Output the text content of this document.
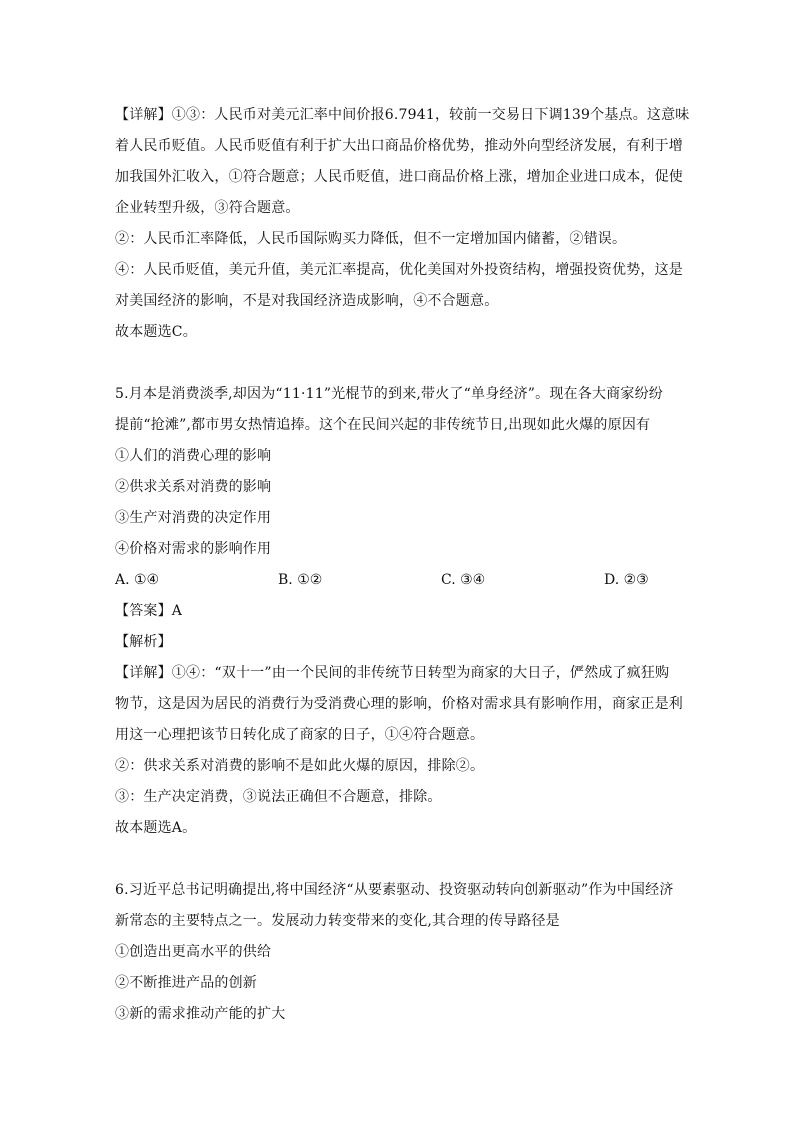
【详解】①③：人民币对美元汇率中间价报6.7941，较前一交易日下调139个基点。这意味
着人民币贬值。人民币贬值有利于扩大出口商品价格优势，推动外向型经济发展，有利于增
加我国外汇收入，①符合题意；人民币贬值，进口商品价格上涨，增加企业进口成本，促使
企业转型升级，③符合题意。
②：人民币汇率降低，人民币国际购买力降低，但不一定增加国内储蓄，②错误。
④：人民币贬值，美元升值，美元汇率提高，优化美国对外投资结构，增强投资优势，这是
对美国经济的影响，不是对我国经济造成影响，④不合题意。
故本题选C。
5.月本是消费淡季,却因为“11·11”光棍节的到来,带火了“单身经济”。现在各大商家纷纷
提前“抢滩”,都市男女热情追捧。这个在民间兴起的非传统节日,出现如此火爆的原因有
①人们的消费心理的影响
②供求关系对消费的影响
③生产对消费的决定作用
④价格对需求的影响作用
A. ①④	B. ①②	C. ③④	D. ②③
【答案】A
【解析】
【详解】①④：“双十一”由一个民间的非传统节日转型为商家的大日子，俨然成了疯狂购
物节，这是因为居民的消费行为受消费心理的影响，价格对需求具有影响作用，商家正是利
用这一心理把该节日转化成了商家的日子，①④符合题意。
②：供求关系对消费的影响不是如此火爆的原因，排除②。
③：生产决定消费，③说法正确但不合题意，排除。
故本题选A。
6.习近平总书记明确提出,将中国经济“从要素驱动、投资驱动转向创新驱动”作为中国经济
新常态的主要特点之一。发展动力转变带来的变化,其合理的传导路径是
①创造出更高水平的供给
②不断推进产品的创新
③新的需求推动产能的扩大
